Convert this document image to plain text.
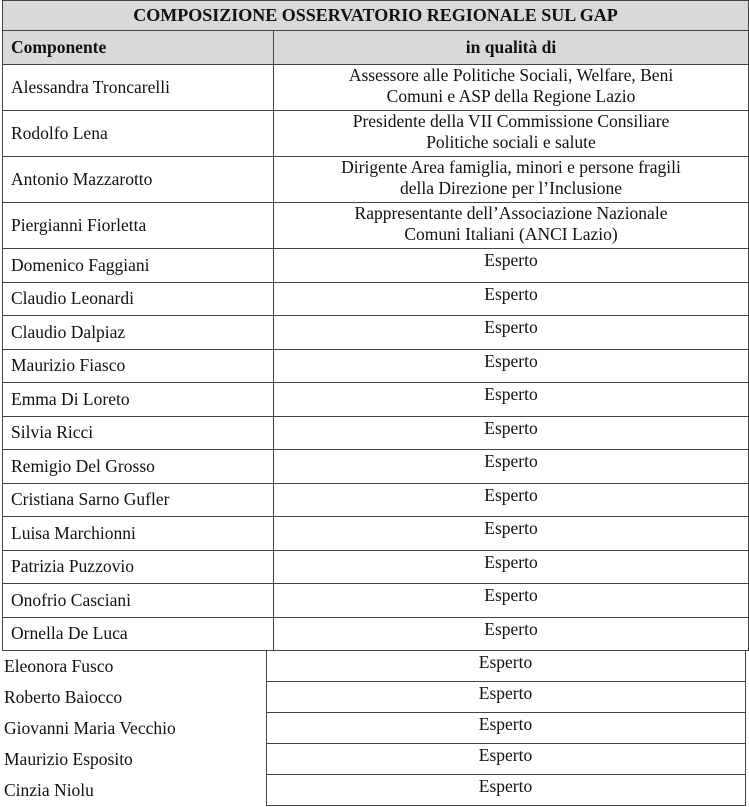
COMPOSIZIONE OSSERVATORIO REGIONALE SUL GAP	
Componente	in qualità di
Alessandra Troncarelli	Assessore alle Politiche Sociali, Welfare, Beni
Comuni e ASP della Regione Lazio

Rodolfo Lena	Presidente della VII Commissione Consiliare
Politiche sociali e salute

Antonio Mazzarotto	Dirigente Area famiglia, minori e persone fragili
della Direzione per l’Inclusione

Piergianni Fiorletta	Rappresentante dell’Associazione Nazionale
Comuni Italiani (ANCI Lazio)

Domenico Faggiani	Esperto

Claudio Leonardi	Esperto

Claudio Dalpiaz	Esperto

Maurizio Fiasco	Esperto

Emma Di Loreto	Esperto

Silvia Ricci	Esperto

Remigio Del Grosso	Esperto

Cristiana Sarno Gufler	Esperto

Luisa Marchionni	Esperto

Patrizia Puzzovio	Esperto

Onofrio Casciani	Esperto

Ornella De Luca	Esperto
Eleonora Fusco	Esperto
Roberto Baiocco	Esperto
Giovanni Maria Vecchio	Esperto
Maurizio Esposito	Esperto
Cinzia Niolu	Esperto
